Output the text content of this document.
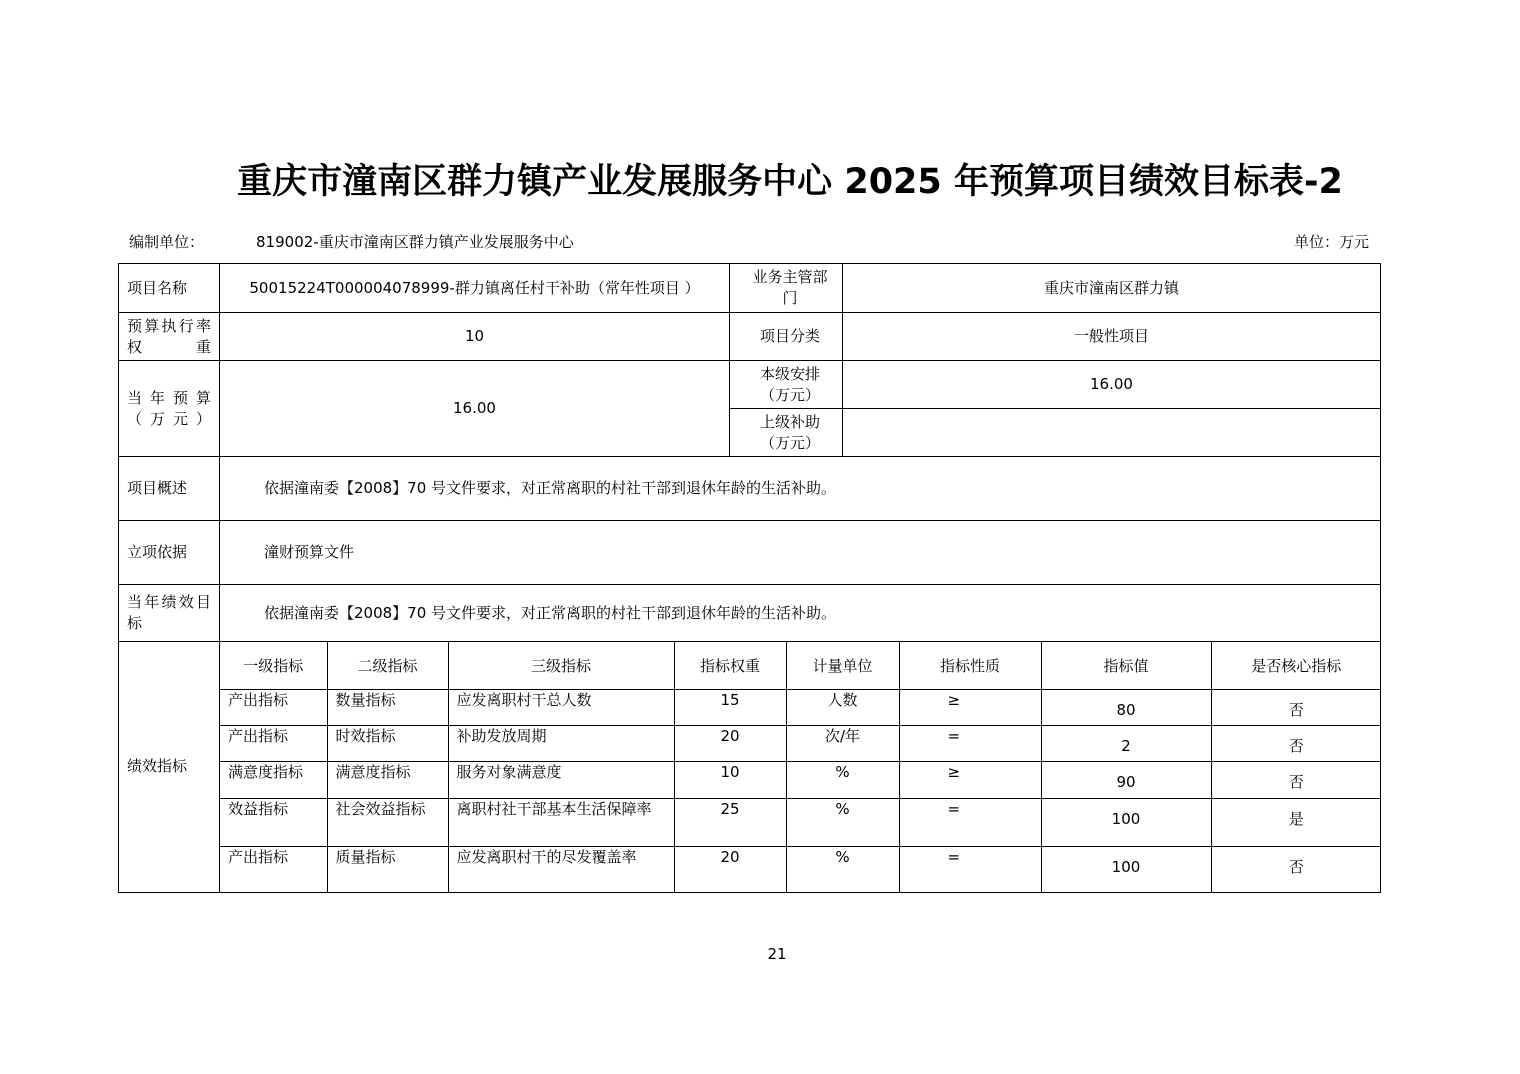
重庆市潼南区群力镇产业发展服务中心 2025 年预算项目绩效目标表-2
编制单位：	819002-重庆市潼南区群力镇产业发展服务中心	单位：万元
项目名称	50015224T000004078999-群力镇离任村干补助（常年性项目 ）	业务主管部门	重庆市潼南区群力镇
预算执行率权重	10	项目分类	一般性项目
当年预算（万元）	16.00	本级安排（万元）	16.00
上级补助（万元）	
项目概述	依据潼南委【2008】70 号文件要求，对正常离职的村社干部到退休年龄的生活补助。
立项依据	潼财预算文件
当年绩效目标	依据潼南委【2008】70 号文件要求，对正常离职的村社干部到退休年龄的生活补助。
绩效指标	
一级指标	二级指标	三级指标	指标权重	计量单位	指标性质	指标值	是否核心指标
产出指标	数量指标	应发离职村干总人数	15	人数	≥	80	否
产出指标	时效指标	补助发放周期	20	次/年	=	2	否
满意度指标	满意度指标	服务对象满意度	10	%	≥	90	否
效益指标	社会效益指标	离职村社干部基本生活保障率	25	%	=	100	是
产出指标	质量指标	应发离职村干的尽发覆盖率	20	%	=	100	否
21
